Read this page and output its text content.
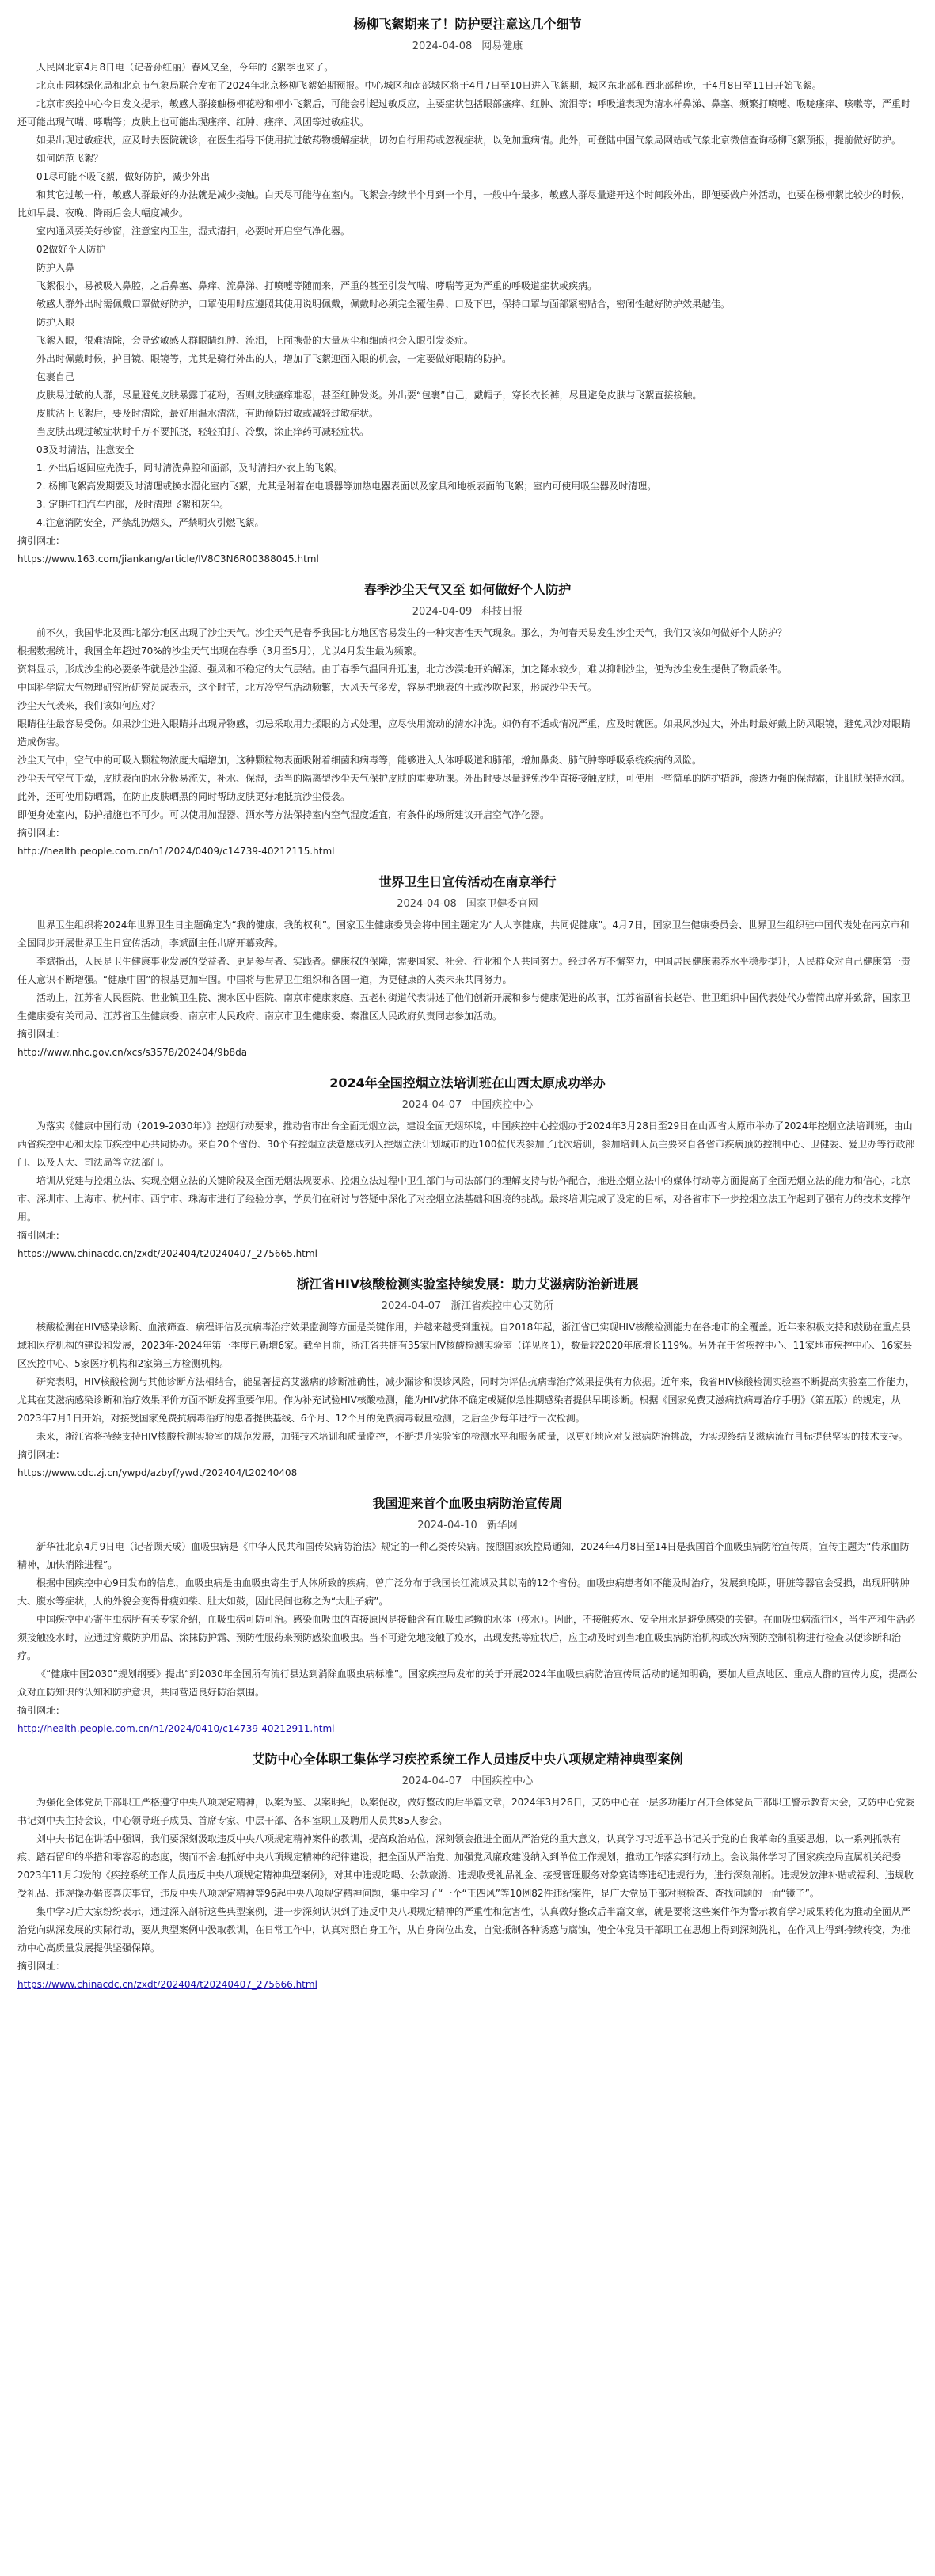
杨柳飞絮期来了！防护要注意这几个细节
2024-04-08 网易健康

人民网北京4月8日电（记者孙红丽）春风又至，今年的飞絮季也来了。

北京市园林绿化局和北京市气象局联合发布了2024年北京杨柳飞絮始期预报。中心城区和南部城区将于4月7日至10日进入飞絮期，城区东北部和西北部稍晚，于4月8日至11日开始飞絮。

北京市疾控中心今日发文提示，敏感人群接触杨柳花粉和柳小飞絮后，可能会引起过敏反应，主要症状包括眼部瘙痒、红肿、流泪等；呼吸道表现为清水样鼻涕、鼻塞、频繁打喷嚏、喉咙瘙痒、咳嗽等，严重时还可能出现气喘、哮喘等；皮肤上也可能出现瘙痒、红肿、瘙痒、风团等过敏症状。

如果出现过敏症状，应及时去医院就诊，在医生指导下使用抗过敏药物缓解症状，切勿自行用药或忽视症状，以免加重病情。此外，可登陆中国气象局网站或气象北京微信查询杨柳飞絮预报，提前做好防护。

如何防范飞絮？

01尽可能不吸飞絮，做好防护，减少外出

和其它过敏一样，敏感人群最好的办法就是减少接触。白天尽可能待在室内。飞絮会持续半个月到一个月，一般中午最多，敏感人群尽量避开这个时间段外出，即便要做户外活动，也要在杨柳絮比较少的时候，比如早晨、夜晚、降雨后会大幅度减少。

室内通风要关好纱窗，注意室内卫生，湿式清扫，必要时开启空气净化器。

02做好个人防护

防护入鼻

飞絮很小，易被吸入鼻腔，之后鼻塞、鼻痒、流鼻涕、打喷嚏等随而来，严重的甚至引发气喘、哮喘等更为严重的呼吸道症状或疾病。

敏感人群外出时需佩戴口罩做好防护，口罩使用时应遵照其使用说明佩戴，佩戴时必须完全覆住鼻、口及下巴，保持口罩与面部紧密贴合，密闭性越好防护效果越佳。

防护入眼

飞絮入眼，很难清除，会导致敏感人群眼睛红肿、流泪，上面携带的大量灰尘和细菌也会入眼引发炎症。

外出时佩戴时候，护目镜、眼镜等，尤其是骑行外出的人，增加了飞絮迎面入眼的机会，一定要做好眼睛的防护。

包裹自己

皮肤易过敏的人群，尽量避免皮肤暴露于花粉，否则皮肤瘙痒难忍，甚至红肿发炎。外出要“包裹”自己，戴帽子，穿长衣长裤，尽量避免皮肤与飞絮直接接触。

皮肤沾上飞絮后，要及时清除，最好用温水清洗，有助预防过敏或减轻过敏症状。

当皮肤出现过敏症状时千万不要抓挠，轻轻拍打、冷敷，涂止痒药可减轻症状。

03及时清洁，注意安全

1. 外出后返回应先洗手，同时清洗鼻腔和面部，及时清扫外衣上的飞絮。

2. 杨柳飞絮高发期要及时清理或换水湿化室内飞絮，尤其是附着在电暖器等加热电器表面以及家具和地板表面的飞絮；室内可使用吸尘器及时清理。

3. 定期打扫汽车内部，及时清理飞絮和灰尘。

4.注意消防安全，严禁乱扔烟头，严禁明火引燃飞絮。

摘引网址：
https://www.163.com/jiankang/article/IV8C3N6R00388045.html
春季沙尘天气又至 如何做好个人防护
2024-04-09 科技日报

前不久，我国华北及西北部分地区出现了沙尘天气。沙尘天气是春季我国北方地区容易发生的一种灾害性天气现象。那么，为何春天易发生沙尘天气，我们又该如何做好个人防护？

根据数据统计，我国全年超过70%的沙尘天气出现在春季（3月至5月），尤以4月发生最为频繁。

资料显示，形成沙尘的必要条件就是沙尘源、强风和不稳定的大气层结。由于春季气温回升迅速，北方沙漠地开始解冻，加之降水较少，难以抑制沙尘，便为沙尘发生提供了物质条件。

中国科学院大气物理研究所研究员成表示，这个时节，北方冷空气活动频繁，大风天气多发，容易把地表的土或沙吹起来，形成沙尘天气。

沙尘天气袭来，我们该如何应对？

眼睛往往最容易受伤。如果沙尘进入眼睛并出现异物感，切忌采取用力揉眼的方式处理，应尽快用流动的清水冲洗。如仍有不适或情况严重，应及时就医。如果风沙过大，外出时最好戴上防风眼镜，避免风沙对眼睛造成伤害。

沙尘天气中，空气中的可吸入颗粒物浓度大幅增加，这种颗粒物表面吸附着细菌和病毒等，能够进入人体呼吸道和肺部，增加鼻炎、肺气肿等呼吸系统疾病的风险。

沙尘天气空气干燥，皮肤表面的水分极易流失，补水、保湿，适当的隔离型沙尘天气保护皮肤的重要功课。外出时要尽量避免沙尘直接接触皮肤，可使用一些简单的防护措施，渗透力强的保湿霜，让肌肤保持水润。此外，还可使用防晒霜，在防止皮肤晒黑的同时帮助皮肤更好地抵抗沙尘侵袭。

即便身处室内，防护措施也不可少。可以使用加湿器、洒水等方法保持室内空气湿度适宜，有条件的场所建议开启空气净化器。

摘引网址：
http://health.people.com.cn/n1/2024/0409/c14739-40212115.html
世界卫生日宣传活动在南京举行
2024-04-08 国家卫健委官网

世界卫生组织将2024年世界卫生日主题确定为“我的健康，我的权利”。国家卫生健康委员会将中国主题定为“人人享健康，共同促健康”。4月7日，国家卫生健康委员会、世界卫生组织驻中国代表处在南京市和全国同步开展世界卫生日宣传活动，李斌副主任出席开幕致辞。

李斌指出，人民是卫生健康事业发展的受益者、更是参与者、实践者。健康权的保障，需要国家、社会、行业和个人共同努力。经过各方不懈努力，中国居民健康素养水平稳步提升，人民群众对自己健康第一责任人意识不断增强。“健康中国”的根基更加牢固。中国将与世界卫生组织和各国一道，为更健康的人类未来共同努力。

活动上，江苏省人民医院、世业镇卫生院、澳水区中医院、南京市健康家庭、五老村街道代表讲述了他们创新开展和参与健康促进的故事，江苏省副省长赵岩、世卫组织中国代表处代办蕾简出席并致辞，国家卫生健康委有关司局、江苏省卫生健康委、南京市人民政府、南京市卫生健康委、秦淮区人民政府负责同志参加活动。

摘引网址：
http://www.nhc.gov.cn/xcs/s3578/202404/9b8da
2024年全国控烟立法培训班在山西太原成功举办
2024-04-07 中国疾控中心

为落实《健康中国行动（2019-2030年）》控烟行动要求，推动省市出台全面无烟立法，建设全面无烟环境，中国疾控中心控烟办于2024年3月28日至29日在山西省太原市举办了2024年控烟立法培训班，由山西省疾控中心和太原市疾控中心共同协办。来自20个省份、30个有控烟立法意愿或列入控烟立法计划城市的近100位代表参加了此次培训，参加培训人员主要来自各省市疾病预防控制中心、卫健委、爱卫办等行政部门、以及人大、司法局等立法部门。

培训从党建与控烟立法、实现控烟立法的关键阶段及全面无烟法规要求、控烟立法过程中卫生部门与司法部门的理解支持与协作配合，推进控烟立法中的媒体行动等方面提高了全面无烟立法的能力和信心，北京市、深圳市、上海市、杭州市、西宁市、珠海市进行了经验分享，学员们在研讨与答疑中深化了对控烟立法基础和困境的挑战。最终培训完成了设定的目标，对各省市下一步控烟立法工作起到了强有力的技术支撑作用。

摘引网址：
https://www.chinacdc.cn/zxdt/202404/t20240407_275665.html
浙江省HIV核酸检测实验室持续发展：助力艾滋病防治新进展
2024-04-07 浙江省疾控中心艾防所

核酸检测在HIV感染诊断、血液筛查、病程评估及抗病毒治疗效果监测等方面是关键作用，并越来越受到重视。自2018年起，浙江省已实现HIV核酸检测能力在各地市的全覆盖。近年来积极支持和鼓励在重点县域和医疗机构的建设和发展，2023年-2024年第一季度已新增6家。截至目前，浙江省共拥有35家HIV核酸检测实验室（详见图1），数量较2020年底增长119%。另外在于省疾控中心、11家地市疾控中心、16家县区疾控中心、5家医疗机构和2家第三方检测机构。

研究表明，HIV核酸检测与其他诊断方法相结合，能显著提高艾滋病的诊断准确性，减少漏诊和误诊风险，同时为评估抗病毒治疗效果提供有力依据。近年来，我省HIV核酸检测实验室不断提高实验室工作能力，尤其在艾滋病感染诊断和治疗效果评价方面不断发挥重要作用。作为补充试验HIV核酸检测，能为HIV抗体不确定或疑似急性期感染者提供早期诊断。根据《国家免费艾滋病抗病毒治疗手册》（第五版）的规定，从2023年7月1日开始，对接受国家免费抗病毒治疗的患者提供基线、6个月、12个月的免费病毒载量检测，之后至少每年进行一次检测。

未来，浙江省将持续支持HIV核酸检测实验室的规范发展，加强技术培训和质量监控，不断提升实验室的检测水平和服务质量，以更好地应对艾滋病防治挑战，为实现终结艾滋病流行目标提供坚实的技术支持。

摘引网址：
https://www.cdc.zj.cn/ywpd/azbyf/ywdt/202404/t20240408
我国迎来首个血吸虫病防治宣传周
2024-04-10 新华网

新华社北京4月9日电（记者顾天成）血吸虫病是《中华人民共和国传染病防治法》规定的一种乙类传染病。按照国家疾控局通知，2024年4月8日至14日是我国首个血吸虫病防治宣传周，宣传主题为“传承血防精神，加快消除进程”。

根据中国疾控中心9日发布的信息，血吸虫病是由血吸虫寄生于人体所致的疾病，曾广泛分布于我国长江流域及其以南的12个省份。血吸虫病患者如不能及时治疗，发展到晚期，肝脏等器官会受损，出现肝脾肿大、腹水等症状，人的外貌会变得骨瘦如柴、肚大如鼓，因此民间也称之为“大肚子病”。

中国疾控中心寄生虫病所有关专家介绍，血吸虫病可防可治。感染血吸虫的直接原因是接触含有血吸虫尾蚴的水体（疫水）。因此，不接触疫水、安全用水是避免感染的关键。在血吸虫病流行区，当生产和生活必须接触疫水时，应通过穿戴防护用品、涂抹防护霜、预防性服药来预防感染血吸虫。当不可避免地接触了疫水，出现发热等症状后，应主动及时到当地血吸虫病防治机构或疾病预防控制机构进行检查以便诊断和治疗。

《“健康中国2030”规划纲要》提出“到2030年全国所有流行县达到消除血吸虫病标准”。国家疾控局发布的关于开展2024年血吸虫病防治宣传周活动的通知明确，要加大重点地区、重点人群的宣传力度，提高公众对血防知识的认知和防护意识，共同营造良好防治氛围。

摘引网址：
http://health.people.com.cn/n1/2024/0410/c14739-40212911.html
艾防中心全体职工集体学习疾控系统工作人员违反中央八项规定精神典型案例
2024-04-07 中国疾控中心

为强化全体党员干部职工严格遵守中央八项规定精神，以案为鉴、以案明纪，以案促改，做好整改的后半篇文章，2024年3月26日，艾防中心在一层多功能厅召开全体党员干部职工警示教育大会，艾防中心党委书记刘中夫主持会议，中心领导班子成员、首席专家、中层干部、各科室职工及聘用人员共85人参会。

刘中夫书记在讲话中强调，我们要深刻汲取违反中央八项规定精神案件的教训，提高政治站位，深刻领会推进全面从严治党的重大意义，认真学习习近平总书记关于党的自我革命的重要思想，以一系列抓铁有痕、踏石留印的举措和零容忍的态度，锲而不舍地抓好中央八项规定精神的纪律建设，把全面从严治党、加强党风廉政建设纳入到单位工作规划，推动工作落实到行动上。会议集体学习了国家疾控局直属机关纪委2023年11月印发的《疾控系统工作人员违反中央八项规定精神典型案例》，对其中违规吃喝、公款旅游、违规收受礼品礼金、接受管理服务对象宴请等违纪违规行为，进行深刻剖析。违规发放津补贴或福利、违规收受礼品、违规操办婚丧喜庆事宜，违反中央八项规定精神等96起中央八项规定精神问题，集中学习了“一个“正四风”等10例82件违纪案件，是广大党员干部对照检查、查找问题的一面“镜子”。

集中学习后大家纷纷表示，通过深入剖析这些典型案例，进一步深刻认识到了违反中央八项规定精神的严重性和危害性，认真做好整改后半篇文章，就是要将这些案件作为警示教育学习成果转化为推动全面从严治党向纵深发展的实际行动，要从典型案例中汲取教训，在日常工作中，认真对照自身工作，从自身岗位出发，自觉抵制各种诱惑与腐蚀，使全体党员干部职工在思想上得到深刻洗礼，在作风上得到持续转变，为推动中心高质量发展提供坚强保障。

摘引网址：
https://www.chinacdc.cn/zxdt/202404/t20240407_275666.html
